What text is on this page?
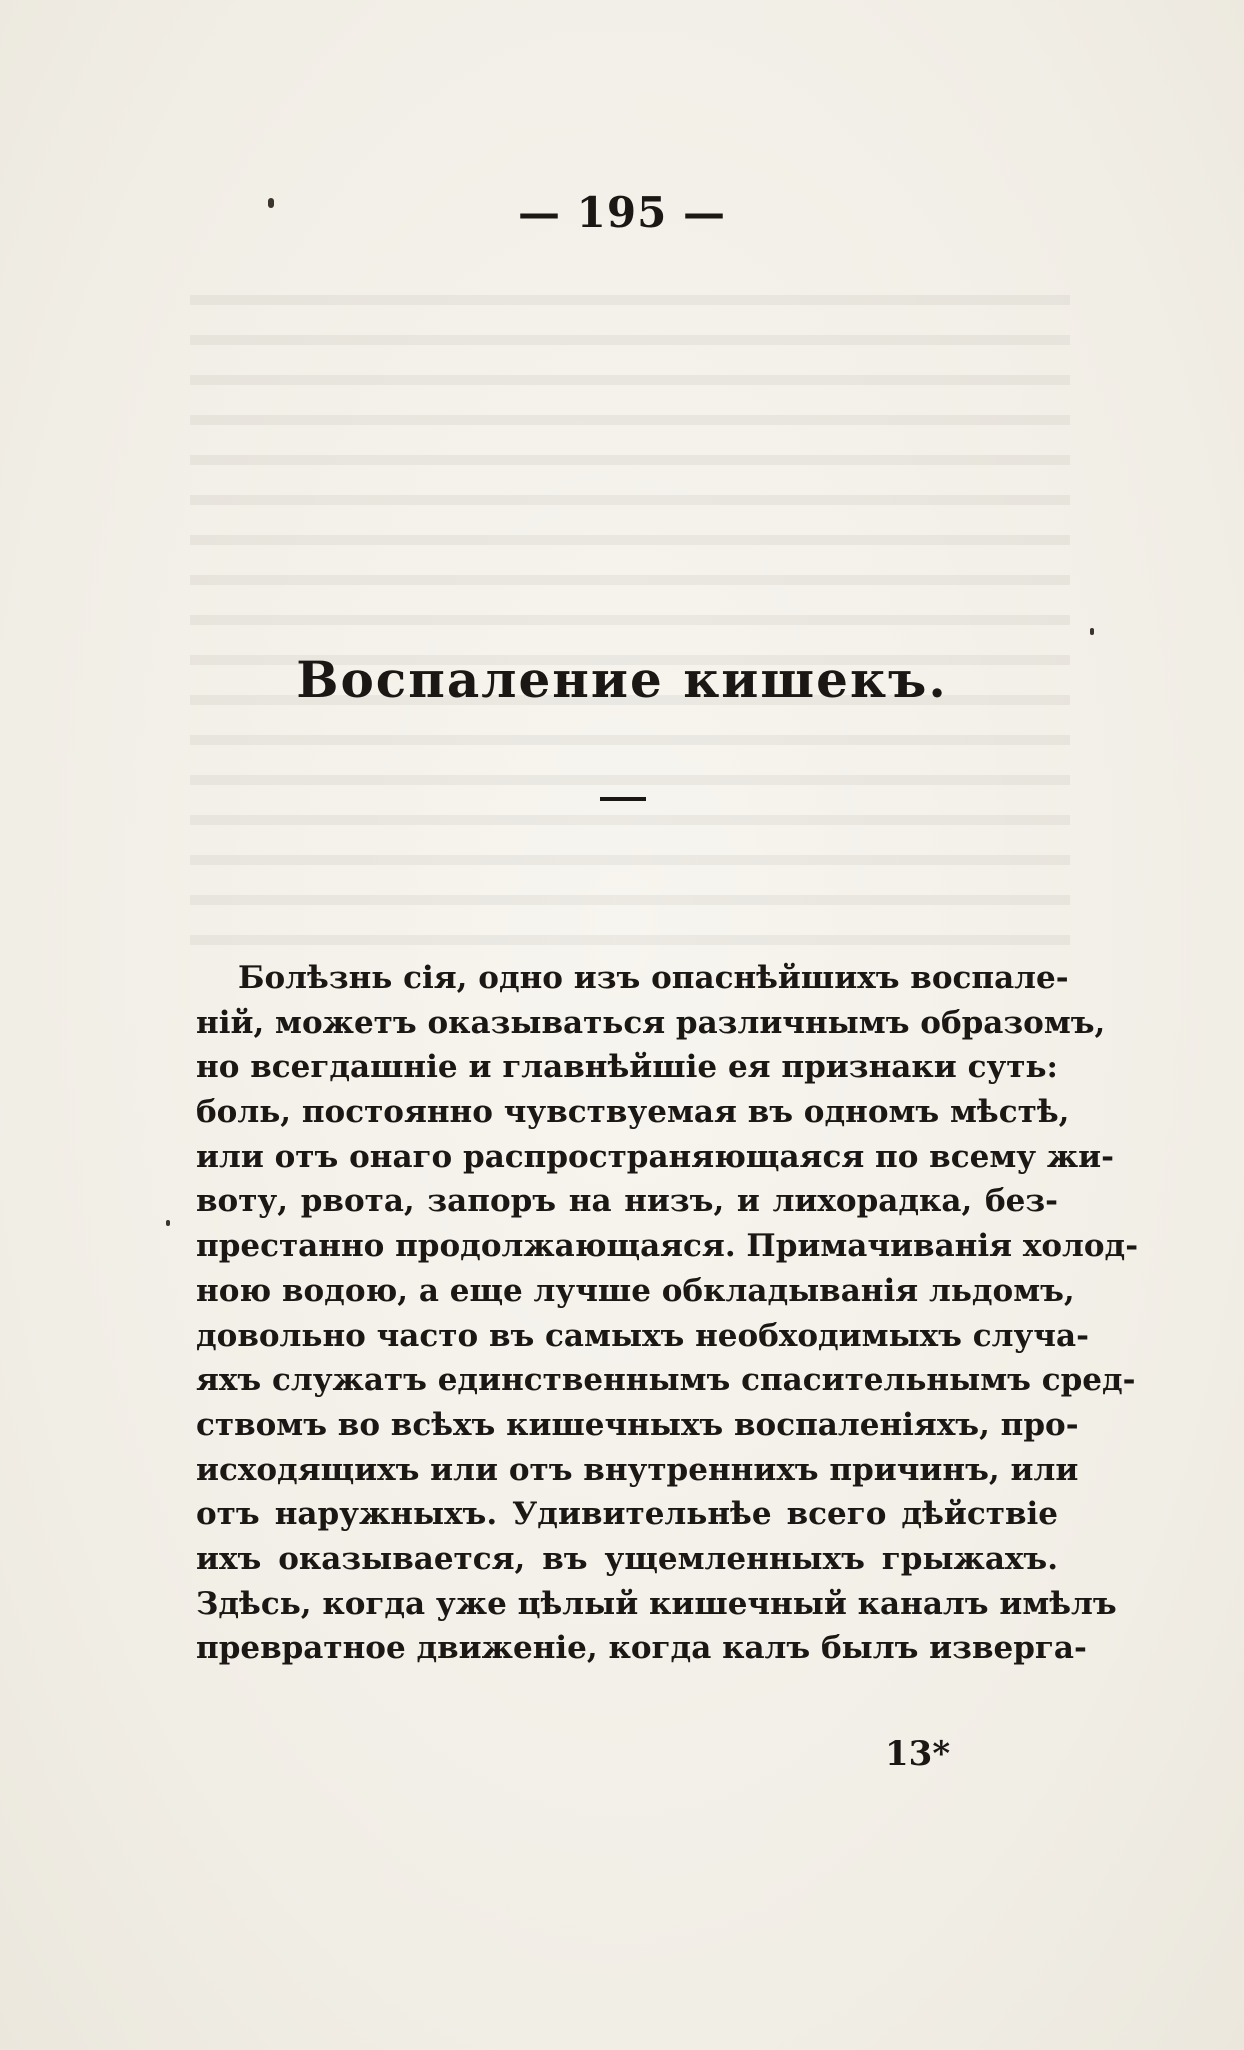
— 195 —
Воспаление кишекъ.
Болѣзнь сія, одно изъ опаснѣйшихъ воспале-
ній, можетъ оказываться различнымъ образомъ,
но всегдашніе и главнѣйшіе ея признаки суть:
боль, постоянно чувствуемая въ одномъ мѣстѣ,
или отъ онаго распространяющаяся по всему жи-
воту, рвота, запоръ на низъ, и лихорадка, без-
престанно продолжающаяся. Примачиванія холод-
ною водою, а еще лучше обкладыванія льдомъ,
довольно часто въ самыхъ необходимыхъ случа-
яхъ служатъ единственнымъ спасительнымъ сред-
ствомъ во всѣхъ кишечныхъ воспаленіяхъ, про-
исходящихъ или отъ внутреннихъ причинъ, или
отъ наружныхъ. Удивительнѣе всего дѣйствіе
ихъ оказывается, въ ущемленныхъ грыжахъ.
Здѣсь, когда уже цѣлый кишечный каналъ имѣлъ
превратное движеніе, когда калъ былъ изверга-
13*
